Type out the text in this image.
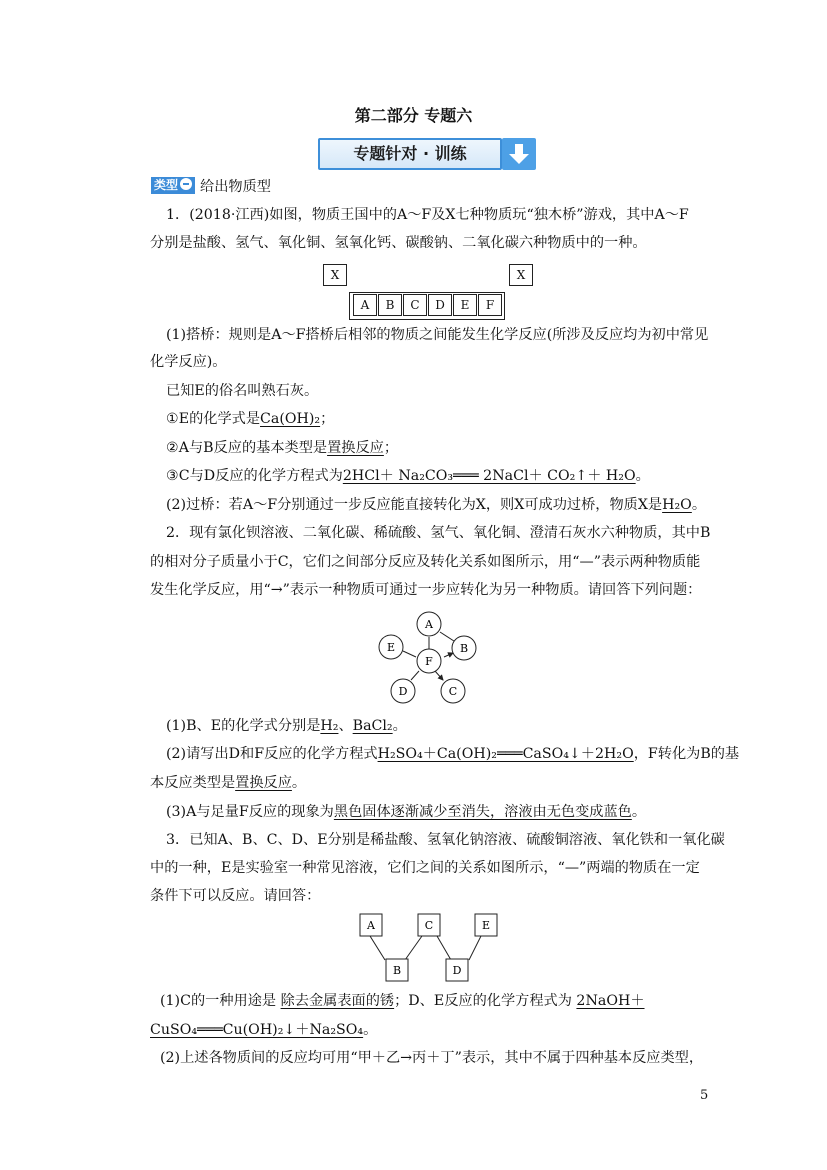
第二部分 专题六
专题针对 · 训练
类型	给出物质型
1．(2018·江西)如图，物质王国中的A～F及X七种物质玩“独木桥”游戏，其中A～F
分别是盐酸、氢气、氧化铜、氢氧化钙、碳酸钠、二氧化碳六种物质中的一种。
X	X
A	B	C	D	E	F
(1)搭桥：规则是A～F搭桥后相邻的物质之间能发生化学反应(所涉及反应均为初中常见
化学反应)。
已知E的俗名叫熟石灰。
①E的化学式是Ca(OH)₂；
②A与B反应的基本类型是置换反应；
③C与D反应的化学方程式为2HCl＋ Na₂CO₃═══ 2NaCl＋ CO₂↑＋ H₂O。
(2)过桥：若A～F分别通过一步反应能直接转化为X，则X可成功过桥，物质X是H₂O。
2．现有氯化钡溶液、二氧化碳、稀硫酸、氢气、氧化铜、澄清石灰水六种物质，其中B
的相对分子质量小于C，它们之间部分反应及转化关系如图所示，用“—”表示两种物质能
发生化学反应，用“→”表示一种物质可通过一步应转化为另一种物质。请回答下列问题：
A
B
C
D
E
F
(1)B、E的化学式分别是H₂、BaCl₂。
(2)请写出D和F反应的化学方程式H₂SO₄＋Ca(OH)₂═══CaSO₄↓＋2H₂O，F转化为B的基
本反应类型是置换反应。
(3)A与足量F反应的现象为黑色固体逐渐减少至消失，溶液由无色变成蓝色。
3．已知A、B、C、D、E分别是稀盐酸、氢氧化钠溶液、硫酸铜溶液、氧化铁和一氧化碳
中的一种，E是实验室一种常见溶液，它们之间的关系如图所示，“—”两端的物质在一定
条件下可以反应。请回答：
A	C	E
B	D
(1)C的一种用途是 除去金属表面的锈；D、E反应的化学方程式为 2NaOH＋
CuSO₄═══Cu(OH)₂↓＋Na₂SO₄。
(2)上述各物质间的反应均可用“甲＋乙→丙＋丁”表示，其中不属于四种基本反应类型，
5
